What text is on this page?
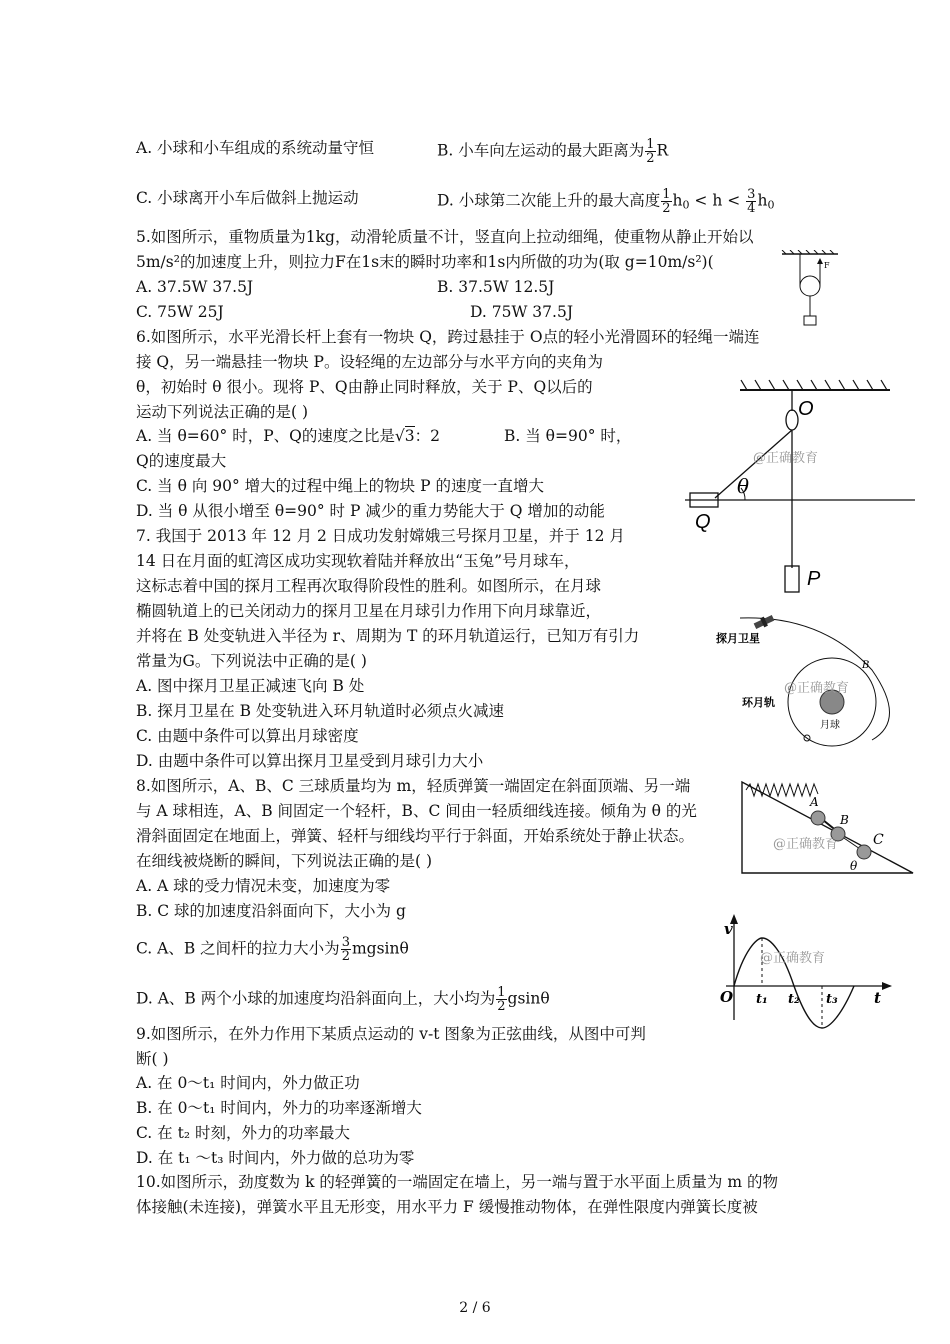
A. 小球和小车组成的系统动量守恒	B. 小车向左运动的最大距离为 $\frac{1}{2}$ R
C. 小球离开小车后做斜上抛运动	D. 小球第二次能上升的最大高度 $\frac{1}{2} h0 < h < \frac{3}{4} h0$
5.如图所示，重物质量为1kg，动滑轮质量不计，竖直向上拉动细绳，使重物从静止开始以
5m/s²的加速度上升，则拉力F在1s末的瞬时功率和1s内所做的功为(取 g=10m/s²)(
A. 37.5W 37.5J	B. 37.5W 12.5J
C. 75W 25J	D. 75W 37.5J
F
6.如图所示，水平光滑长杆上套有一物块 Q，跨过悬挂于 O点的轻小光滑圆环的轻绳一端连
接 Q，另一端悬挂一物块 P。设轻绳的左边部分与水平方向的夹角为
θ，初始时 θ 很小。现将 P、Q由静止同时释放，关于 P、Q以后的
运动下列说法正确的是( )
A. 当 θ=60° 时，P、Q的速度之比是√3：2	B. 当 θ=90° 时，
Q的速度最大
C. 当 θ 向 90° 增大的过程中绳上的物块 P 的速度一直增大
D. 当 θ 从很小增至 θ=90° 时 P 减少的重力势能大于 Q 增加的动能
O
θ
Q
P
@正确教育
7. 我国于 2013 年 12 月 2 日成功发射嫦娥三号探月卫星，并于 12 月
14 日在月面的虹湾区成功实现软着陆并释放出“玉兔”号月球车，
这标志着中国的探月工程再次取得阶段性的胜利。如图所示，在月球
椭圆轨道上的已关闭动力的探月卫星在月球引力作用下向月球靠近，
并将在 B 处变轨进入半径为 r、周期为 T 的环月轨道运行，已知万有引力
常量为G。下列说法中正确的是( )
A. 图中探月卫星正减速飞向 B 处
B. 探月卫星在 B 处变轨进入环月轨道时必须点火减速
C. 由题中条件可以算出月球密度
D. 由题中条件可以算出探月卫星受到月球引力大小
探月卫星
环月轨
月球
B
@正确教育
8.如图所示，A、B、C 三球质量均为 m，轻质弹簧一端固定在斜面顶端、另一端
与 A 球相连，A、B 间固定一个轻杆，B、C 间由一轻质细线连接。倾角为 θ 的光
滑斜面固定在地面上，弹簧、轻杆与细线均平行于斜面，开始系统处于静止状态。
在细线被烧断的瞬间，下列说法正确的是( )
A. A 球的受力情况未变，加速度为零
B. C 球的加速度沿斜面向下，大小为 g
C. A、B 之间杆的拉力大小为 $\frac{3}{2}$ mgsinθ
D. A、B 两个小球的加速度均沿斜面向上，大小均为 $\frac{1}{2}$ gsinθ
A
B
C
θ
@正确教育
9.如图所示，在外力作用下某质点运动的 v-t 图象为正弦曲线，从图中可判
断( )
A. 在 0～t₁ 时间内，外力做正功
B. 在 0～t₁ 时间内，外力的功率逐渐增大
C. 在 t₂ 时刻，外力的功率最大
D. 在 t₁ ～t₃ 时间内，外力做的总功为零
v
O t₁ t₂ t₃ t
@正确教育
10.如图所示，劲度数为 k 的轻弹簧的一端固定在墙上，另一端与置于水平面上质量为 m 的物
体接触(未连接)，弹簧水平且无形变，用水平力 F 缓慢推动物体，在弹性限度内弹簧长度被
2 / 6
